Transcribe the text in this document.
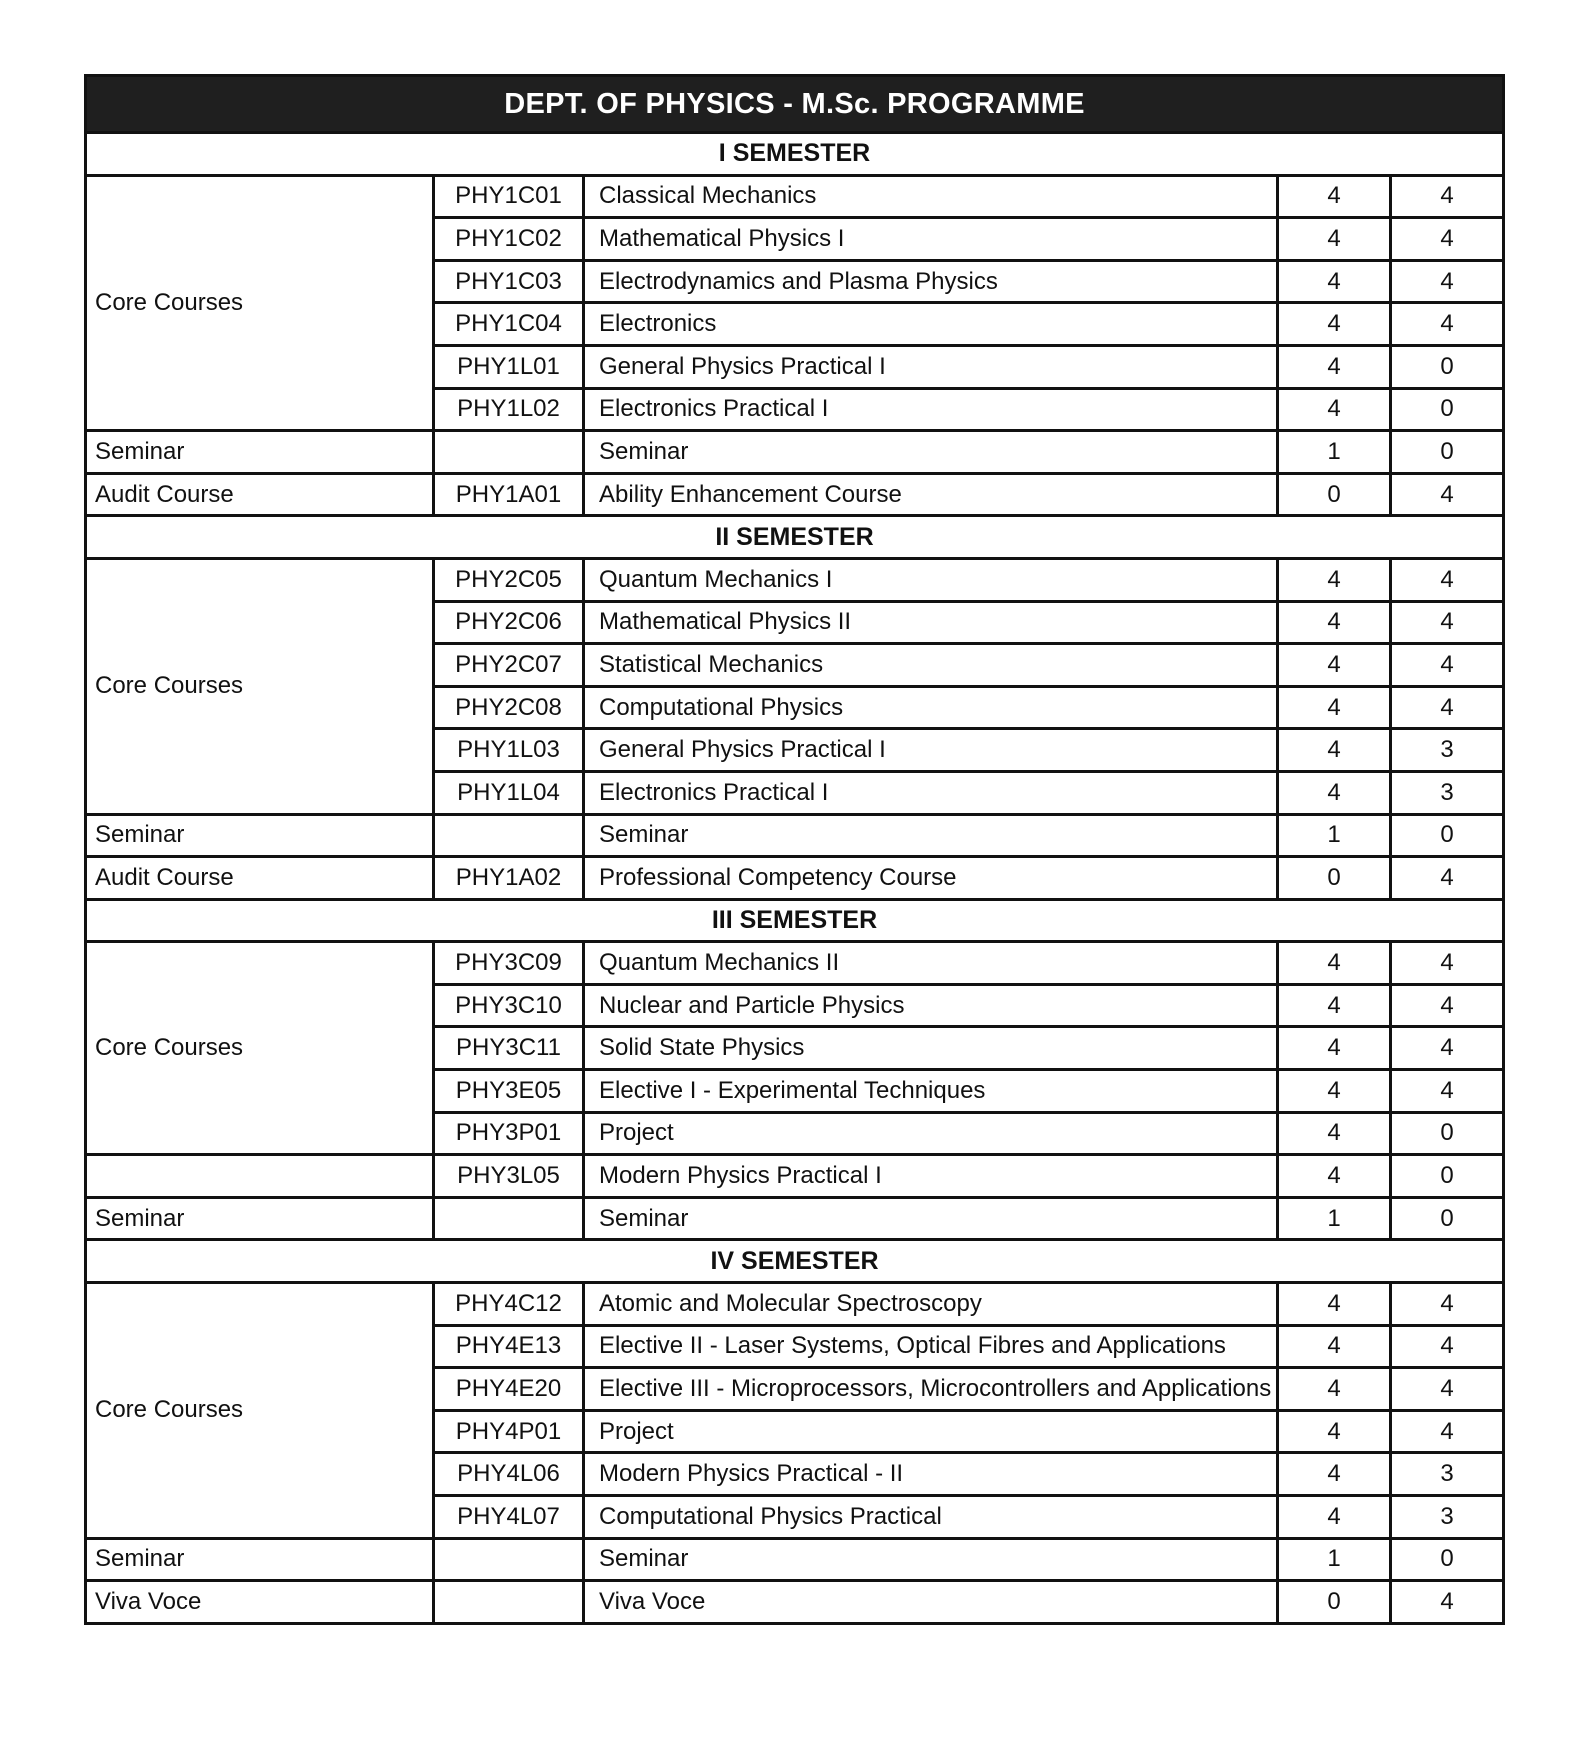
DEPT. OF PHYSICS - M.Sc. PROGRAMME				
I SEMESTER				
Core Courses	PHY1C01	Classical Mechanics	4	4
	PHY1C02	Mathematical Physics I	4	4
	PHY1C03	Electrodynamics and Plasma Physics	4	4
	PHY1C04	Electronics	4	4
	PHY1L01	General Physics Practical I	4	0
	PHY1L02	Electronics Practical I	4	0
Seminar		Seminar	1	0
Audit Course	PHY1A01	Ability Enhancement Course	0	4
II SEMESTER				
Core Courses	PHY2C05	Quantum Mechanics I	4	4
	PHY2C06	Mathematical Physics II	4	4
	PHY2C07	Statistical Mechanics	4	4
	PHY2C08	Computational Physics	4	4
	PHY1L03	General Physics Practical I	4	3
	PHY1L04	Electronics Practical I	4	3
Seminar		Seminar	1	0
Audit Course	PHY1A02	Professional Competency Course	0	4
III SEMESTER				
Core Courses	PHY3C09	Quantum Mechanics II	4	4
	PHY3C10	Nuclear and Particle Physics	4	4
	PHY3C11	Solid State Physics	4	4
	PHY3E05	Elective I - Experimental Techniques	4	4
	PHY3P01	Project	4	0
	PHY3L05	Modern Physics Practical I	4	0
Seminar		Seminar	1	0
IV SEMESTER				
Core Courses	PHY4C12	Atomic and Molecular Spectroscopy	4	4
	PHY4E13	Elective II - Laser Systems, Optical Fibres and Applications	4	4
	PHY4E20	Elective III - Microprocessors, Microcontrollers and Applications	4	4
	PHY4P01	Project	4	4
	PHY4L06	Modern Physics Practical - II	4	3
	PHY4L07	Computational Physics Practical	4	3
Seminar		Seminar	1	0
Viva Voce		Viva Voce	0	4
